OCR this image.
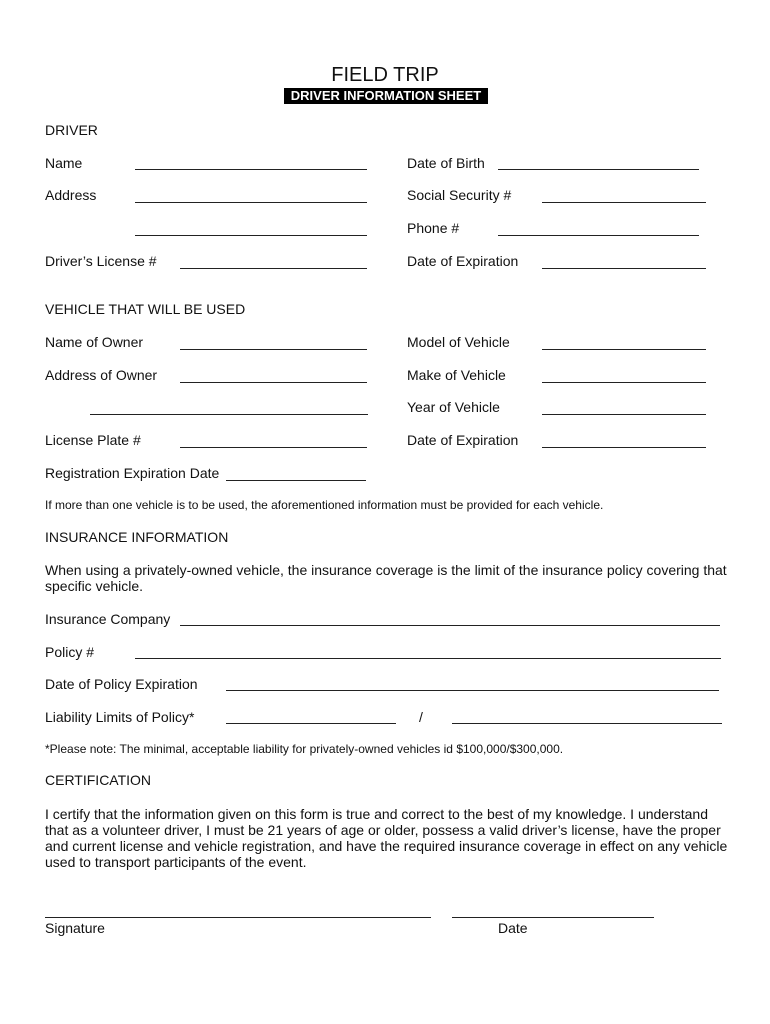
FIELD TRIP
DRIVER INFORMATION SHEET
DRIVER
Name	Date of Birth
Address	Social Security #
Phone #
Driver’s License #	Date of Expiration
VEHICLE THAT WILL BE USED
Name of Owner	Model of Vehicle
Address of Owner	Make of Vehicle
Year of Vehicle
License Plate #	Date of Expiration
Registration Expiration Date
If more than one vehicle is to be used, the aforementioned information must be provided for each vehicle.
INSURANCE INFORMATION
When using a privately-owned vehicle, the insurance coverage is the limit of the insurance policy covering that specific vehicle.
Insurance Company
Policy #
Date of Policy Expiration
Liability Limits of Policy*	/
*Please note: The minimal, acceptable liability for privately-owned vehicles id $100,000/$300,000.
CERTIFICATION
I certify that the information given on this form is true and correct to the best of my knowledge. I understand that as a volunteer driver, I must be 21 years of age or older, possess a valid driver’s license, have the proper and current license and vehicle registration, and have the required insurance coverage in effect on any vehicle used to transport participants of the event.
Signature	Date
